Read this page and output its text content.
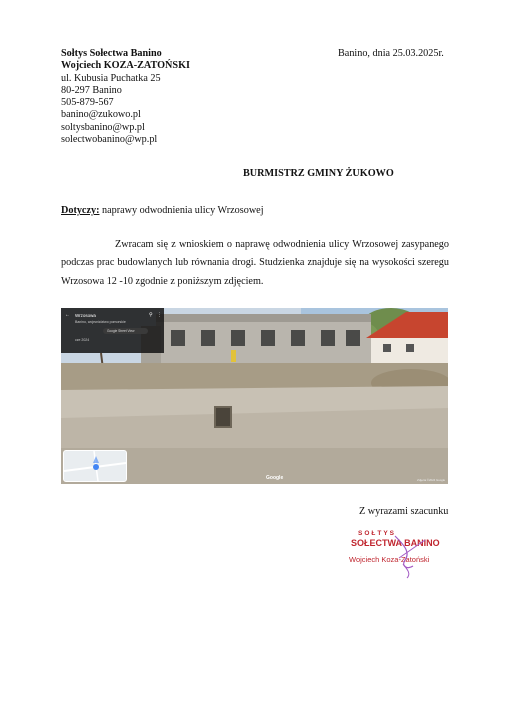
Sołtys Sołectwa Banino
Wojciech KOZA-ZATOŃSKI
ul. Kubusia Puchatka 25
80-297 Banino
505-879-567
banino@zukowo.pl
soltysbanino@wp.pl
solectwobanino@wp.pl
Banino, dnia 25.03.2025r.
BURMISTRZ GMINY ŻUKOWO
Dotyczy: naprawy odwodnienia ulicy Wrzosowej
Zwracam się z wnioskiem o naprawę odwodnienia ulicy Wrzosowej zasypanego podczas prac budowlanych lub równania drogi. Studzienka znajduje się na wysokości szeregu Wrzosowa 12 -10 zgodnie z poniższym zdjęciem.
← Wrzosowa
Banino, województwo pomorskie
⚲ ⋮
Google Street View
cze 2024
Google	Zdjęcia ©2024 Google
Z wyrazami szacunku
SOŁTYS
SOŁECTWA BANINO
Wojciech Koza-Zatoński
